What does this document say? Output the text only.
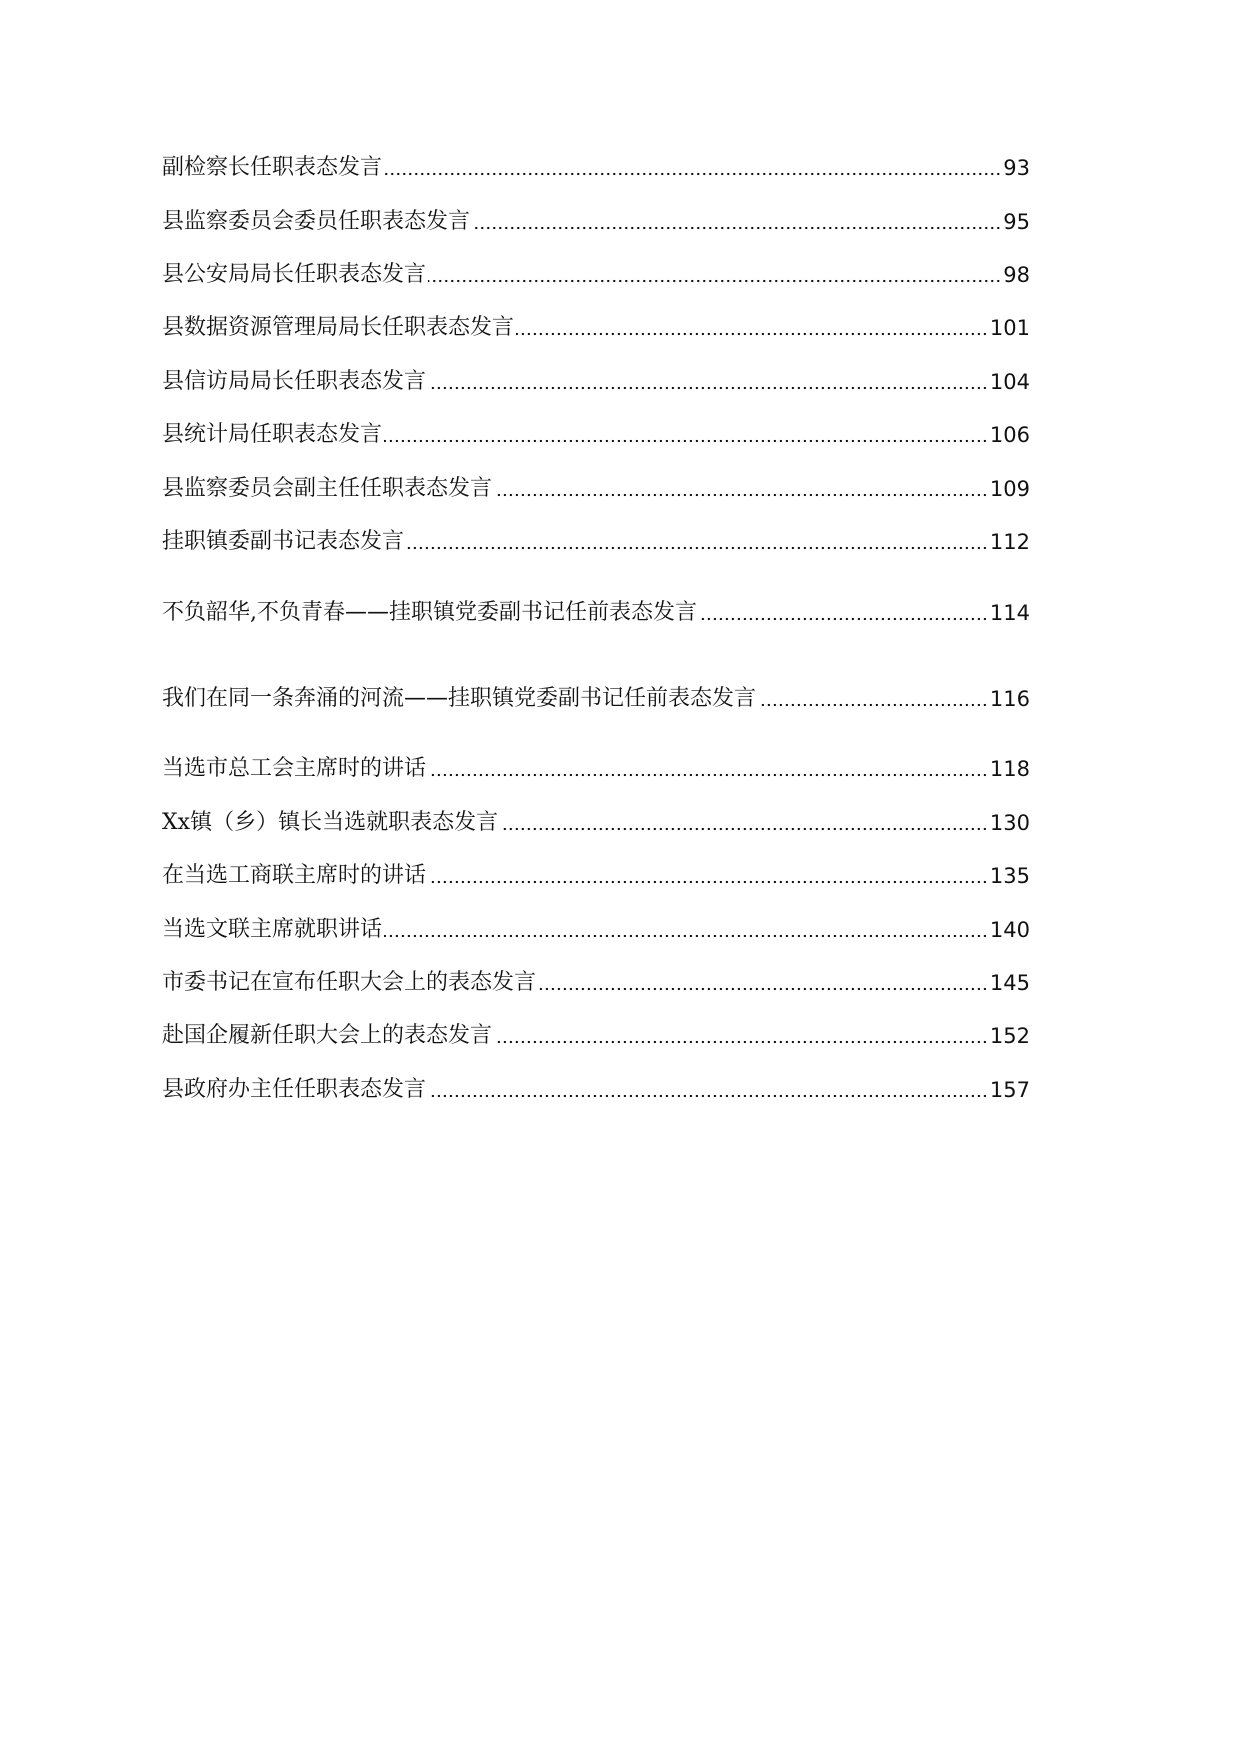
副检察长任职表态发言	93
县监察委员会委员任职表态发言	95
县公安局局长任职表态发言	98
县数据资源管理局局长任职表态发言	101
县信访局局长任职表态发言	104
县统计局任职表态发言	106
县监察委员会副主任任职表态发言	109
挂职镇委副书记表态发言	112
不负韶华,不负青春 ——挂职镇党委副书记任前表态发言	114
我们在同一条奔涌的河流 ——挂职镇党委副书记任前表态发言	116
当选市总工会主席时的讲话	118
Xx镇（乡）镇长当选就职表态发言	130
在当选工商联主席时的讲话	135
当选文联主席就职讲话	140
市委书记在宣布任职大会上的表态发言	145
赴国企履新任职大会上的表态发言	152
县政府办主任任职表态发言	157
